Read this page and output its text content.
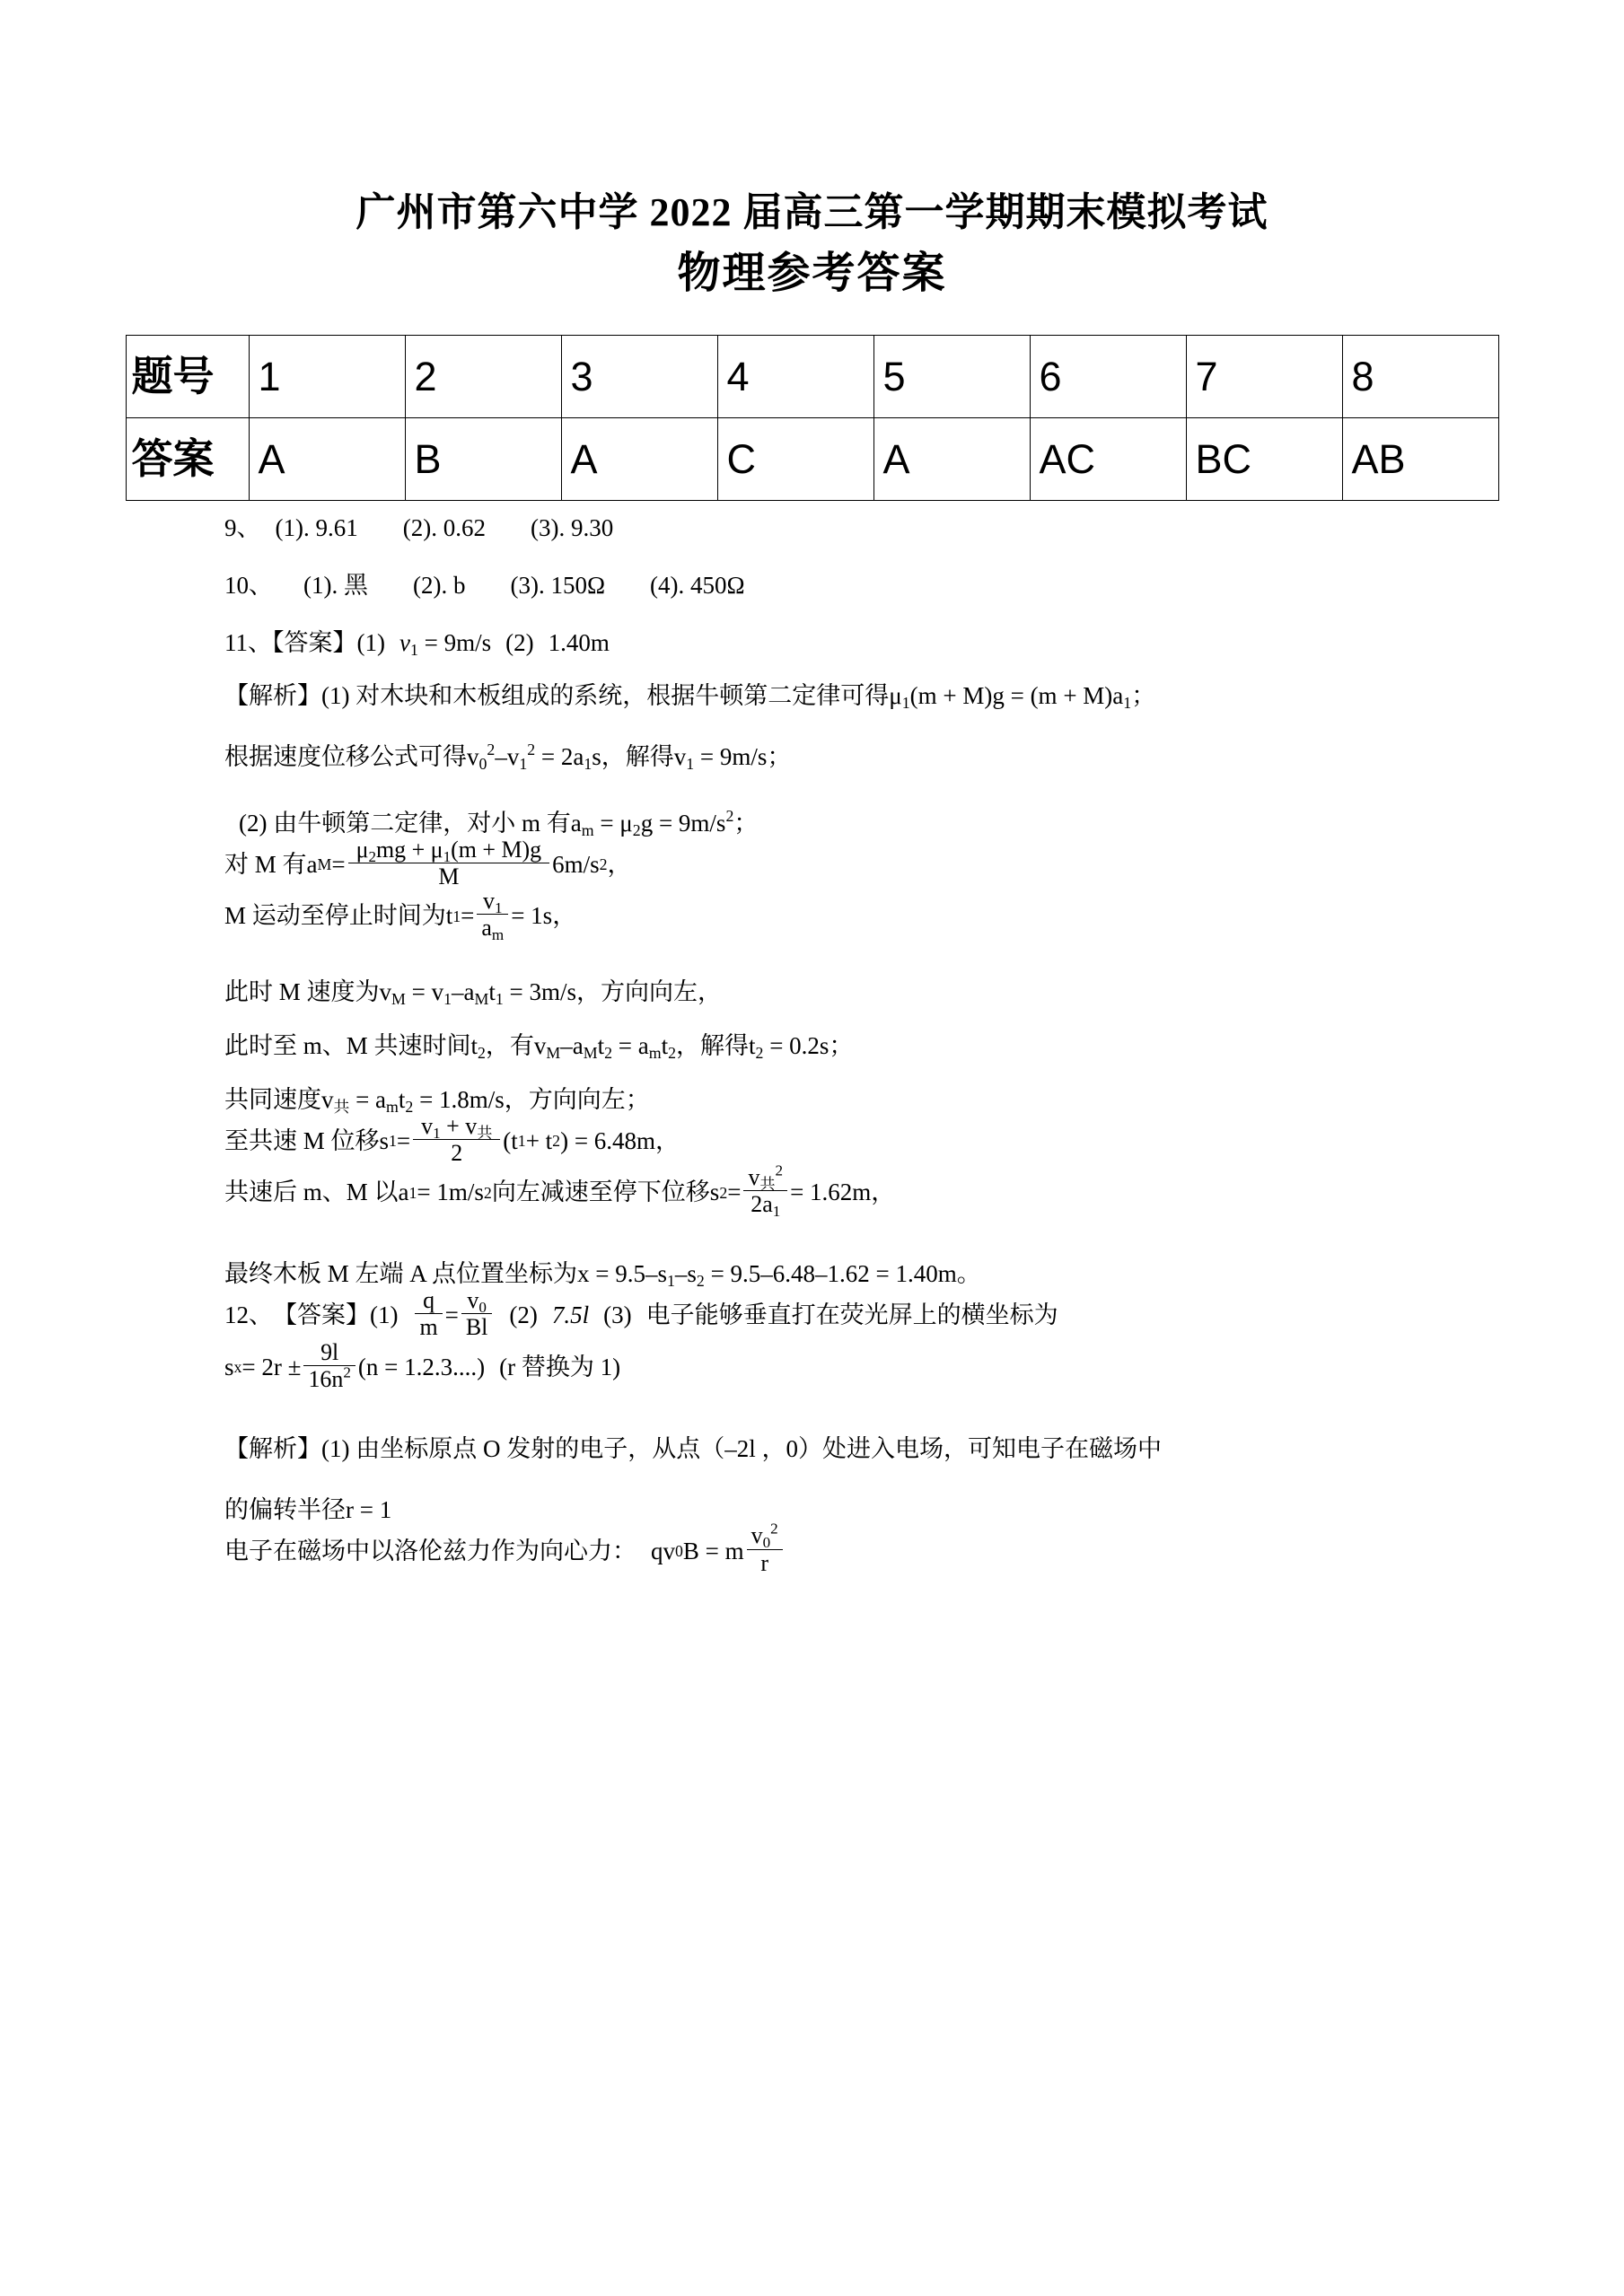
广州市第六中学 2022 届高三第一学期期末模拟考试
物理参考答案
题号	1	2	3	4	5	6	7	8
答案	A	B	A	C	A	AC	BC	AB

9、 (1). 9.61 (2). 0.62 (3). 9.30

10、 (1). 黑 (2). b (3). 150Ω (4). 450Ω

11、【答案】(1) $v_1 = 9m/s$ (2) 1.40m

【解析】(1) 对木块和木板组成的系统，根据牛顿第二定律可得$\mu_1(m + M)g = (m + M)a_1$；

根据速度位移公式可得$v_0^2-v_1^2 = 2a_1s$，解得$v_1 = 9m/s$；

(2) 由牛顿第二定律，对小 m 有$a_m = \mu_2g = 9m/s^2$；

对 M 有a $M = \frac{\mu_2mg + \mu_1(m + M)g}{M} 6m/s$ 2 ，
M 运动至停止时间为t $1 = \frac{v_1}{a_m} = 1s$，

此时 M 速度为$v_M = v_1-a_Mt_1 = 3m/s$，方向向左，

此时至 m、M 共速时间$t_2$，有$v_M-a_Mt_2 = a_mt_2$，解得$t_2 = 0.2s$；

共同速度$v_共 = a_mt_2 = 1.8m/s$，方向向左；

至共速 M 位移s $1 = \frac{v_1 + v_共}{2} (t$ 1 + t 2 ) = 6.48m，
共速后 m、M 以a 1 = 1m/s 2 向左减速至停下位移s $2 = \frac{v_共^2}{2a_1} = 1.62m$，

最终木板 M 左端 A 点位置坐标为$x = 9.5-s_1-s_2 = 9.5-6.48-1.62 = 1.40m$。

12、 【答案】 $(1) \frac{q}{m} = \frac{v_0}{Bl} (2)$ 7.5l (3) 电子能够垂直打在荧光屏上的横坐标为
s $x = 2r \pm \frac{9l}{16n^2} (n = 1.2.3....)$ (r 替换为 1)

【解析】(1) 由坐标原点 O 发射的电子，从点（–2l ，0）处进入电场，可知电子在磁场中

的偏转半径r = 1

电子在磁场中以洛伦兹力作为向心力： qv 0 B = m $\frac{v_0^2}{r}$
